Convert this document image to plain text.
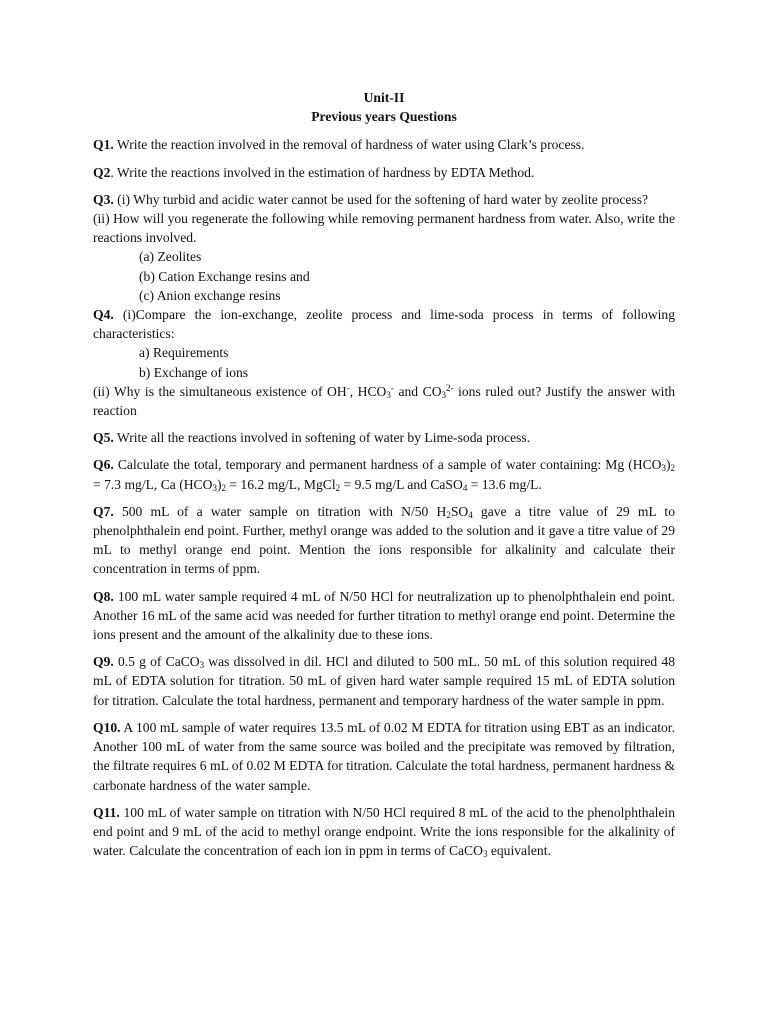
Unit-II

Previous years Questions

Q1. Write the reaction involved in the removal of hardness of water using Clark’s process.

Q2. Write the reactions involved in the estimation of hardness by EDTA Method.

Q3. (i) Why turbid and acidic water cannot be used for the softening of hard water by zeolite process?

(ii) How will you regenerate the following while removing permanent hardness from water. Also, write the reactions involved.

(a) Zeolites

(b) Cation Exchange resins and

(c) Anion exchange resins

Q4. (i)Compare the ion-exchange, zeolite process and lime-soda process in terms of following characteristics:

a) Requirements

b) Exchange of ions

(ii) Why is the simultaneous existence of OH-, $HCO_3^-$ and $CO_3^{2-}$ ions ruled out? Justify the answer with reaction

Q5. Write all the reactions involved in softening of water by Lime-soda process.

Q6. Calculate the total, temporary and permanent hardness of a sample of water containing: Mg $(HCO_3)_2 = 7.3$ mg/L, Ca $(HCO_3)_2 = 16.2$ mg/L, MgCl$_2$ = 9.5 mg/L and CaSO$_4$ = 13.6 mg/L.

Q7. 500 mL of a water sample on titration with N/50 $H_2SO_4$ gave a titre value of 29 mL to phenolphthalein end point. Further, methyl orange was added to the solution and it gave a titre value of 29 mL to methyl orange end point. Mention the ions responsible for alkalinity and calculate their concentration in terms of ppm.

Q8. 100 mL water sample required 4 mL of N/50 HCl for neutralization up to phenolphthalein end point. Another 16 mL of the same acid was needed for further titration to methyl orange end point. Determine the ions present and the amount of the alkalinity due to these ions.

Q9. 0.5 g of CaCO$_3$ was dissolved in dil. HCl and diluted to 500 mL. 50 mL of this solution required 48 mL of EDTA solution for titration. 50 mL of given hard water sample required 15 mL of EDTA solution for titration. Calculate the total hardness, permanent and temporary hardness of the water sample in ppm.

Q10. A 100 mL sample of water requires 13.5 mL of 0.02 M EDTA for titration using EBT as an indicator. Another 100 mL of water from the same source was boiled and the precipitate was removed by filtration, the filtrate requires 6 mL of 0.02 M EDTA for titration. Calculate the total hardness, permanent hardness & carbonate hardness of the water sample.

Q11. 100 mL of water sample on titration with N/50 HCl required 8 mL of the acid to the phenolphthalein end point and 9 mL of the acid to methyl orange endpoint. Write the ions responsible for the alkalinity of water. Calculate the concentration of each ion in ppm in terms of CaCO$_3$ equivalent.
